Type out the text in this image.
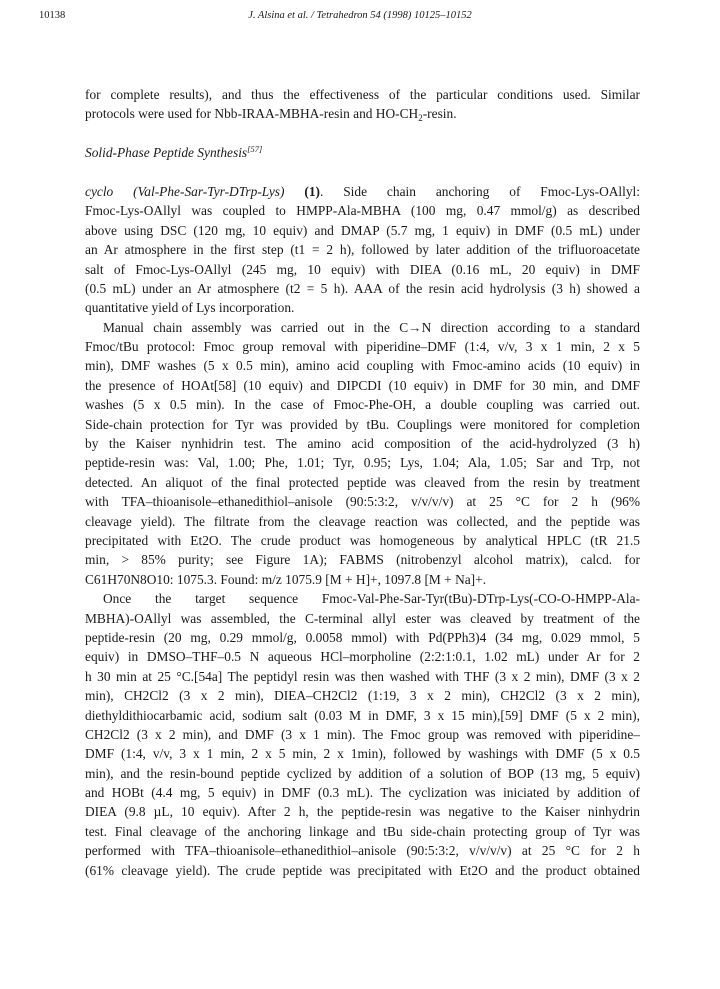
10138	J. Alsina et al. / Tetrahedron 54 (1998) 10125–10152
for complete results), and thus the effectiveness of the particular conditions used. Similar
protocols were used for Nbb-IRAA-MBHA-resin and $HO-CH_2$-resin.
Solid-Phase Peptide Synthesis[57]
cyclo (Val-Phe-Sar-Tyr-DTrp-Lys) (1). Side chain anchoring of Fmoc-Lys-OAllyl:
Fmoc-Lys-OAllyl was coupled to HMPP-Ala-MBHA (100 mg, 0.47 mmol/g) as described
above using DSC (120 mg, 10 equiv) and DMAP (5.7 mg, 1 equiv) in DMF (0.5 mL) under
an Ar atmosphere in the first step (t1 = 2 h), followed by later addition of the trifluoroacetate
salt of Fmoc-Lys-OAllyl (245 mg, 10 equiv) with DIEA (0.16 mL, 20 equiv) in DMF
(0.5 mL) under an Ar atmosphere (t2 = 5 h). AAA of the resin acid hydrolysis (3 h) showed a
quantitative yield of Lys incorporation.
Manual chain assembly was carried out in the C→N direction according to a standard
Fmoc/tBu protocol: Fmoc group removal with piperidine–DMF (1:4, v/v, 3 x 1 min, 2 x 5
min), DMF washes (5 x 0.5 min), amino acid coupling with Fmoc-amino acids (10 equiv) in
the presence of HOAt[58] (10 equiv) and DIPCDI (10 equiv) in DMF for 30 min, and DMF
washes (5 x 0.5 min). In the case of Fmoc-Phe-OH, a double coupling was carried out.
Side-chain protection for Tyr was provided by tBu. Couplings were monitored for completion
by the Kaiser nynhidrin test. The amino acid composition of the acid-hydrolyzed (3 h)
peptide-resin was: Val, 1.00; Phe, 1.01; Tyr, 0.95; Lys, 1.04; Ala, 1.05; Sar and Trp, not
detected. An aliquot of the final protected peptide was cleaved from the resin by treatment
with TFA–thioanisole–ethanedithiol–anisole (90:5:3:2, v/v/v/v) at 25 °C for 2 h (96%
cleavage yield). The filtrate from the cleavage reaction was collected, and the peptide was
precipitated with Et2O. The crude product was homogeneous by analytical HPLC (tR 21.5
min, > 85% purity; see Figure 1A); FABMS (nitrobenzyl alcohol matrix), calcd. for
C61H70N8O10: 1075.3. Found: m/z 1075.9 [M + H]+, 1097.8 [M + Na]+.
Once the target sequence Fmoc-Val-Phe-Sar-Tyr(tBu)-DTrp-Lys(-CO-O-HMPP-Ala-
MBHA)-OAllyl was assembled, the C-terminal allyl ester was cleaved by treatment of the
peptide-resin (20 mg, 0.29 mmol/g, 0.0058 mmol) with Pd(PPh3)4 (34 mg, 0.029 mmol, 5
equiv) in DMSO–THF–0.5 N aqueous HCl–morpholine (2:2:1:0.1, 1.02 mL) under Ar for 2
h 30 min at 25 °C.[54a] The peptidyl resin was then washed with THF (3 x 2 min), DMF (3 x 2
min), CH2Cl2 (3 x 2 min), DIEA–CH2Cl2 (1:19, 3 x 2 min), CH2Cl2 (3 x 2 min),
diethyldithiocarbamic acid, sodium salt (0.03 M in DMF, 3 x 15 min),[59] DMF (5 x 2 min),
CH2Cl2 (3 x 2 min), and DMF (3 x 1 min). The Fmoc group was removed with piperidine–
DMF (1:4, v/v, 3 x 1 min, 2 x 5 min, 2 x 1min), followed by washings with DMF (5 x 0.5
min), and the resin-bound peptide cyclized by addition of a solution of BOP (13 mg, 5 equiv)
and HOBt (4.4 mg, 5 equiv) in DMF (0.3 mL). The cyclization was iniciated by addition of
DIEA (9.8 µL, 10 equiv). After 2 h, the peptide-resin was negative to the Kaiser ninhydrin
test. Final cleavage of the anchoring linkage and tBu side-chain protecting group of Tyr was
performed with TFA–thioanisole–ethanedithiol–anisole (90:5:3:2, v/v/v/v) at 25 °C for 2 h
(61% cleavage yield). The crude peptide was precipitated with Et2O and the product obtained
